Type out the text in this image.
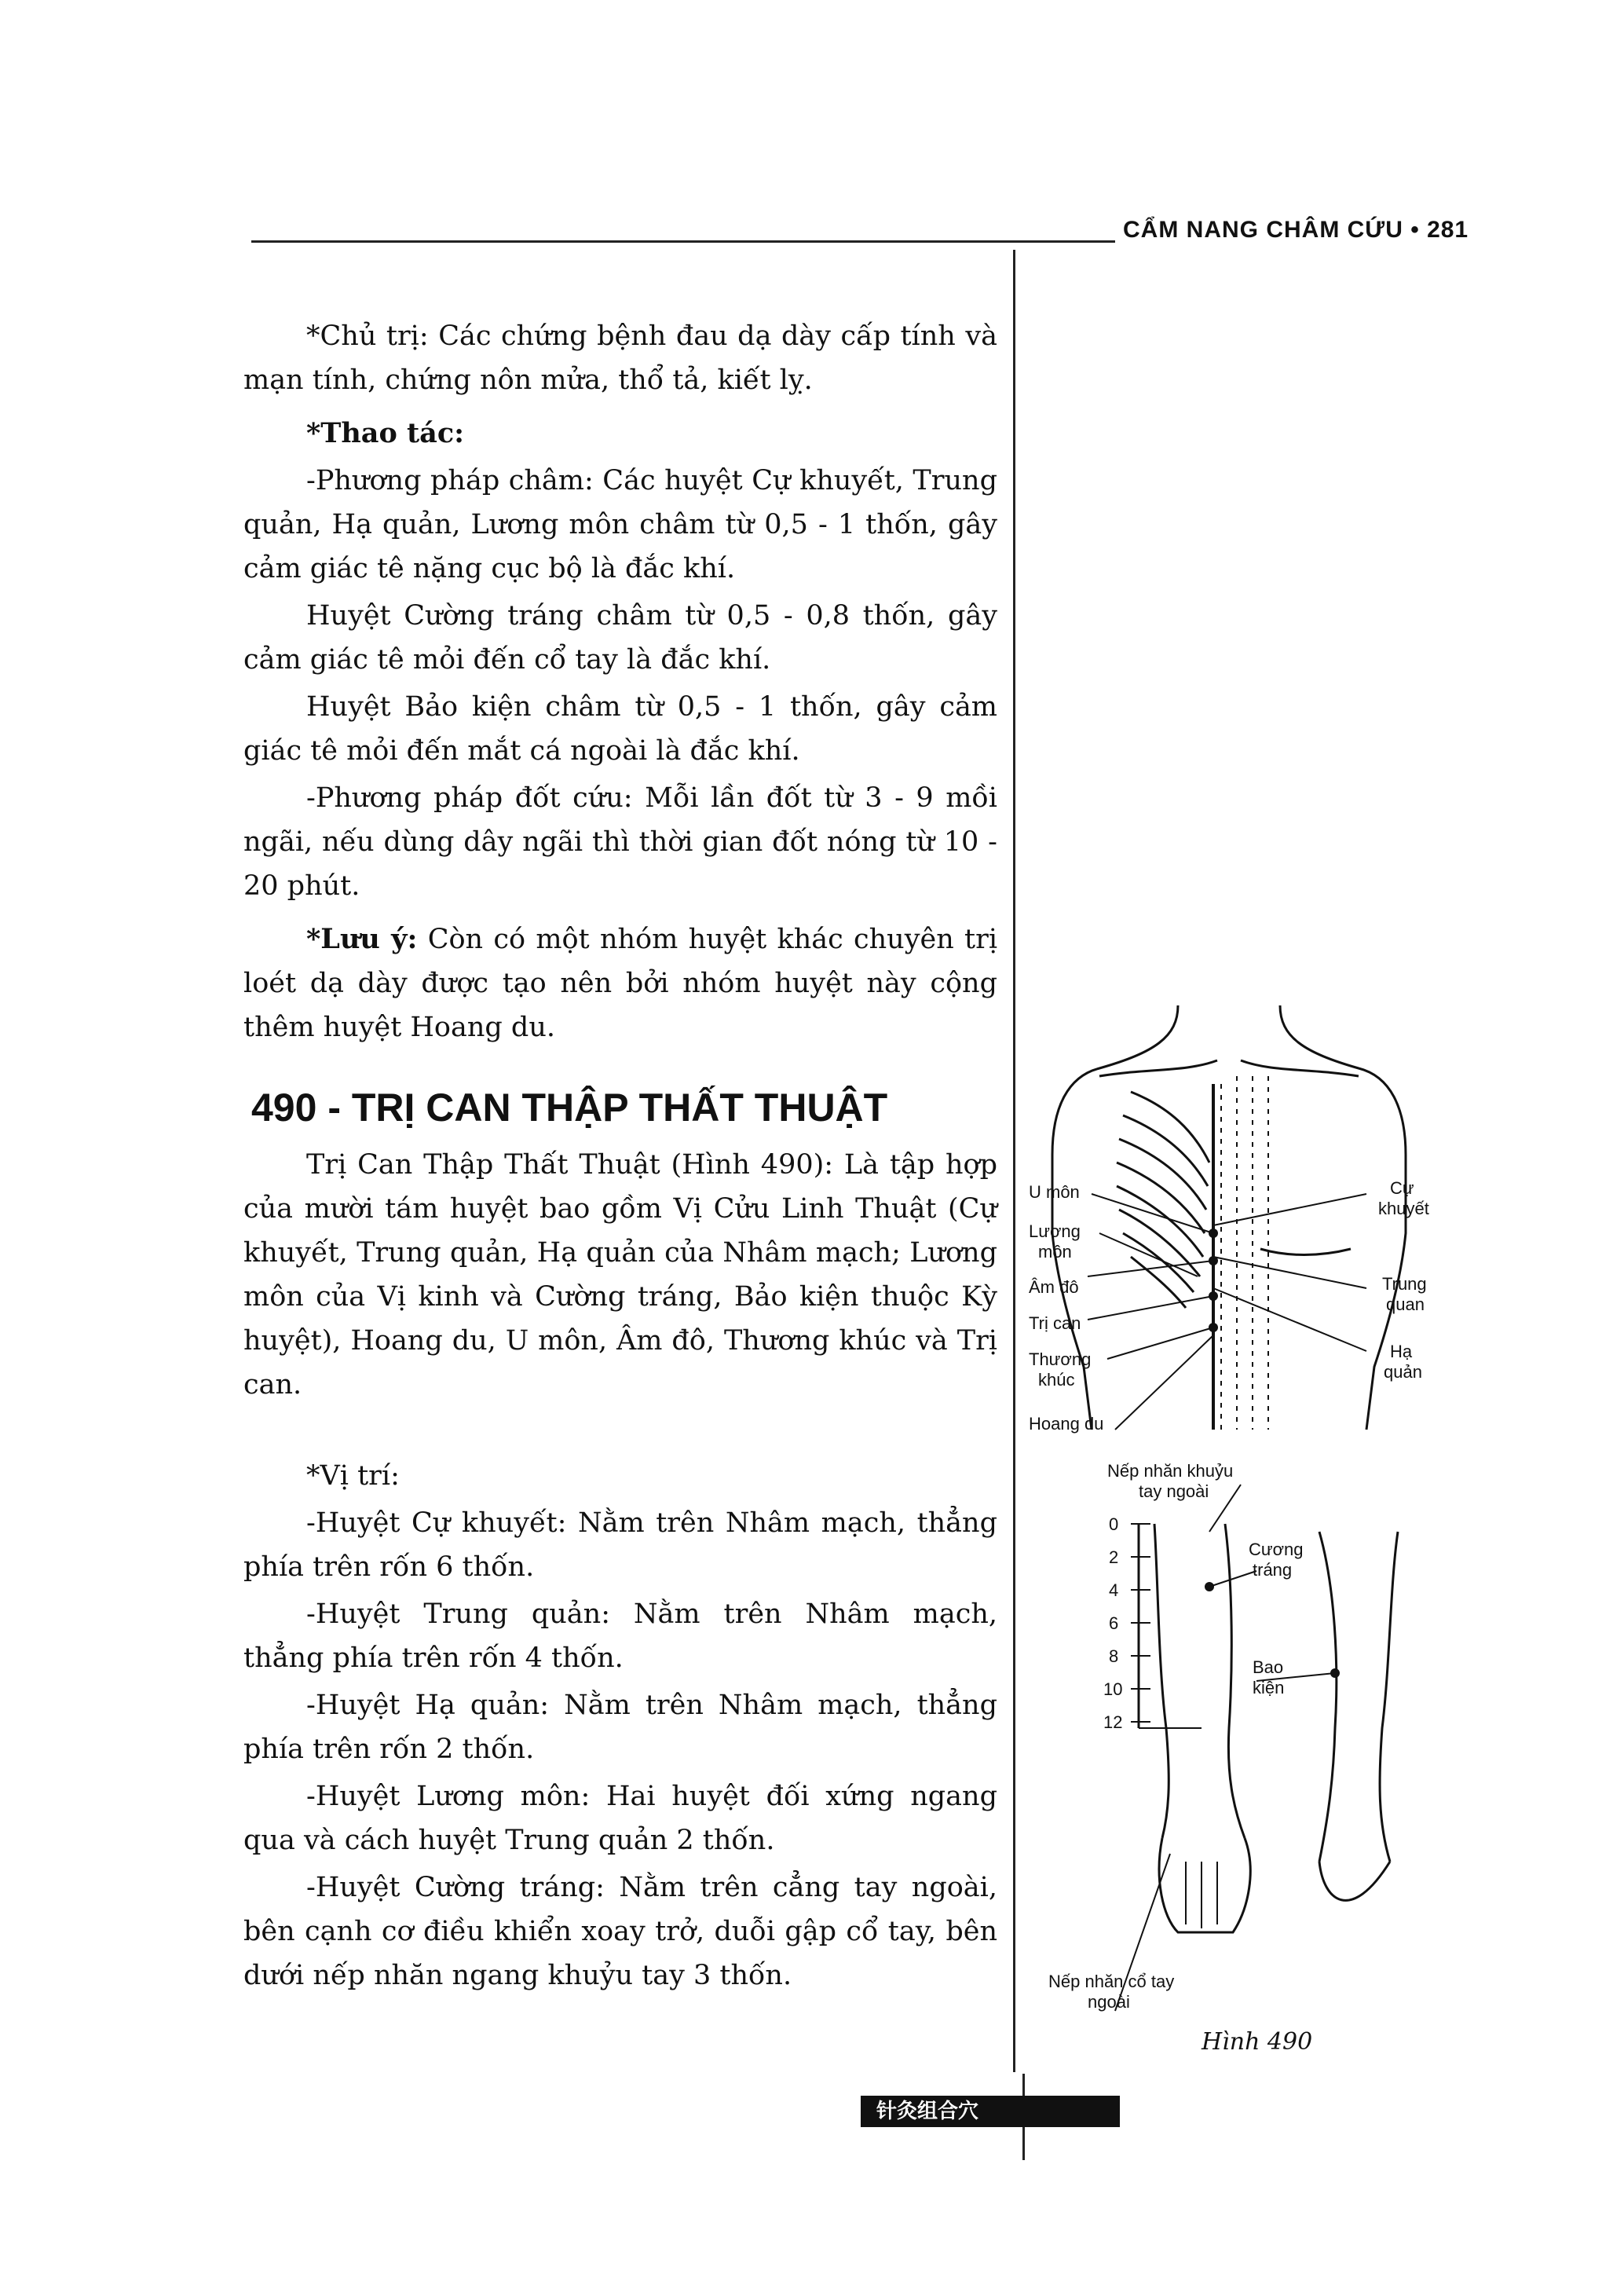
CẨM NANG CHÂM CỨU • 281

*Chủ trị: Các chứng bệnh đau dạ dày cấp tính và mạn tính, chứng nôn mửa, thổ tả, kiết lỵ.

*Thao tác:

-Phương pháp châm: Các huyệt Cự khuyết, Trung quản, Hạ quản, Lương môn châm từ 0,5 - 1 thốn, gây cảm giác tê nặng cục bộ là đắc khí.

Huyệt Cường tráng châm từ 0,5 - 0,8 thốn, gây cảm giác tê mỏi đến cổ tay là đắc khí.

Huyệt Bảo kiện châm từ 0,5 - 1 thốn, gây cảm giác tê mỏi đến mắt cá ngoài là đắc khí.

-Phương pháp đốt cứu: Mỗi lần đốt từ 3 - 9 mồi ngãi, nếu dùng dây ngãi thì thời gian đốt nóng từ 10 - 20 phút.

*Lưu ý: Còn có một nhóm huyệt khác chuyên trị loét dạ dày được tạo nên bởi nhóm huyệt này cộng thêm huyệt Hoang du.

490 - TRỊ CAN THẬP THẤT THUẬT

Trị Can Thập Thất Thuật (Hình 490): Là tập hợp của mười tám huyệt bao gồm Vị Cửu Linh Thuật (Cự khuyết, Trung quản, Hạ quản của Nhâm mạch; Lương môn của Vị kinh và Cường tráng, Bảo kiện thuộc Kỳ huyệt), Hoang du, U môn, Âm đô, Thương khúc và Trị can.

*Vị trí:

-Huyệt Cự khuyết: Nằm trên Nhâm mạch, thẳng phía trên rốn 6 thốn.

-Huyệt Trung quản: Nằm trên Nhâm mạch, thẳng phía trên rốn 4 thốn.

-Huyệt Hạ quản: Nằm trên Nhâm mạch, thẳng phía trên rốn 2 thốn.

-Huyệt Lương môn: Hai huyệt đối xứng ngang qua và cách huyệt Trung quản 2 thốn.

-Huyệt Cường tráng: Nằm trên cẳng tay ngoài, bên cạnh cơ điều khiển xoay trở, duỗi gập cổ tay, bên dưới nếp nhăn ngang khuỷu tay 3 thốn.

0
2
4
6
8
10
12
U môn
Lương
môn
Âm đô
Trị can
Thương
khúc
Hoang du
Cự
khuyết
Trung
quan
Hạ
quản
Nếp nhăn khuỷu
tay ngoài
Cương
tráng
Bao
kiện
Nếp nhăn cổ tay
ngoài
Hình 490
针灸组合穴
